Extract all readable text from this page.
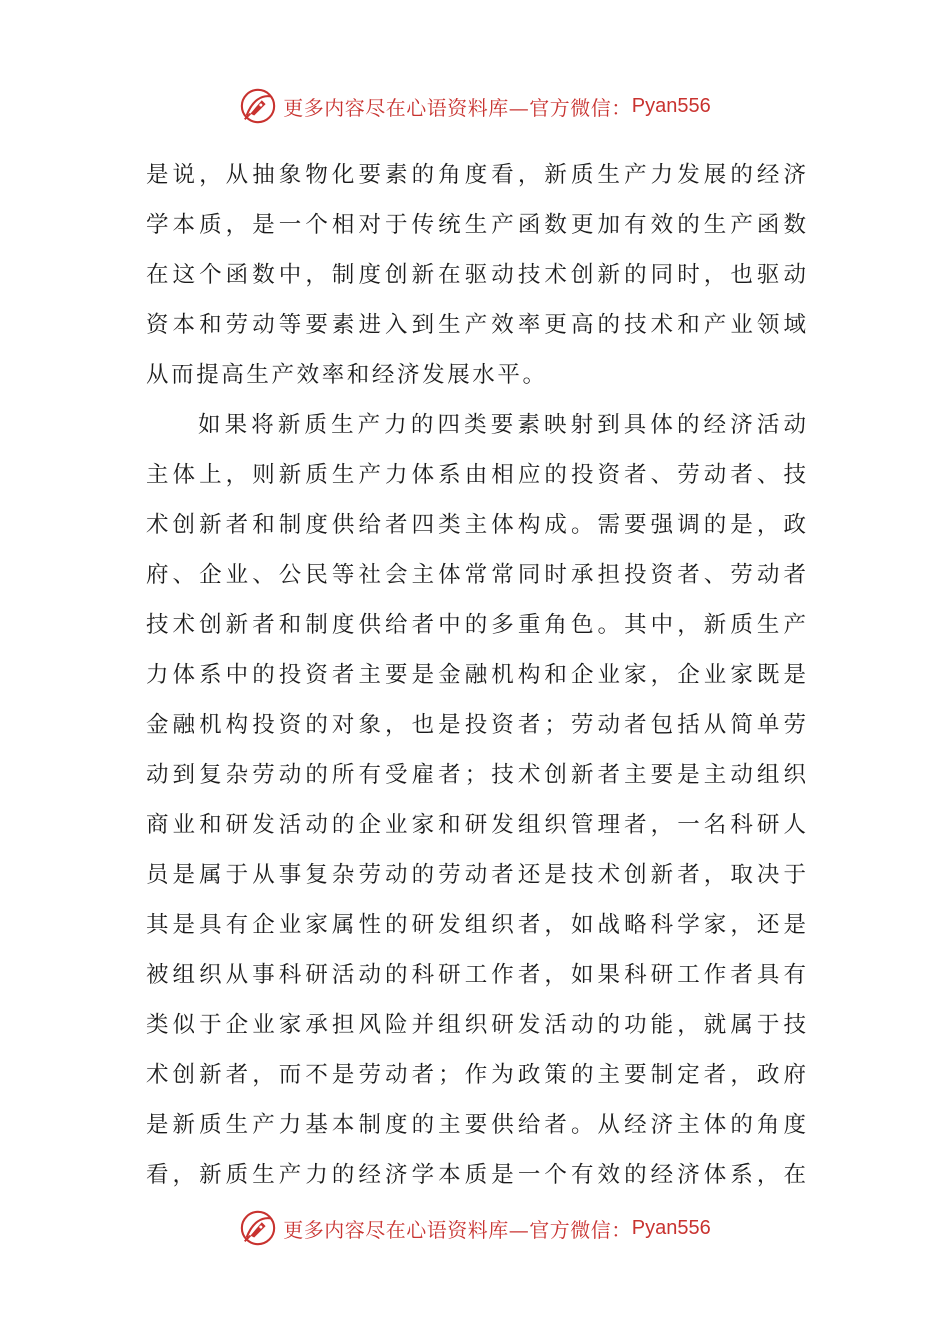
更多内容尽在心语资料库—官方微信： Pyan556
是说，从抽象物化要素的角度看，新质生产力发展的经济
学本质，是一个相对于传统生产函数更加有效的生产函数
在这个函数中，制度创新在驱动技术创新的同时，也驱动
资本和劳动等要素进入到生产效率更高的技术和产业领域
从而提高生产效率和经济发展水平。
如果将新质生产力的四类要素映射到具体的经济活动
主体上，则新质生产力体系由相应的投资者、劳动者、技
术创新者和制度供给者四类主体构成。需要强调的是，政
府、企业、公民等社会主体常常同时承担投资者、劳动者
技术创新者和制度供给者中的多重角色。其中，新质生产
力体系中的投资者主要是金融机构和企业家，企业家既是
金融机构投资的对象，也是投资者；劳动者包括从简单劳
动到复杂劳动的所有受雇者；技术创新者主要是主动组织
商业和研发活动的企业家和研发组织管理者，一名科研人
员是属于从事复杂劳动的劳动者还是技术创新者，取决于
其是具有企业家属性的研发组织者，如战略科学家，还是
被组织从事科研活动的科研工作者，如果科研工作者具有
类似于企业家承担风险并组织研发活动的功能，就属于技
术创新者，而不是劳动者；作为政策的主要制定者，政府
是新质生产力基本制度的主要供给者。从经济主体的角度
看，新质生产力的经济学本质是一个有效的经济体系，在
更多内容尽在心语资料库—官方微信： Pyan556
